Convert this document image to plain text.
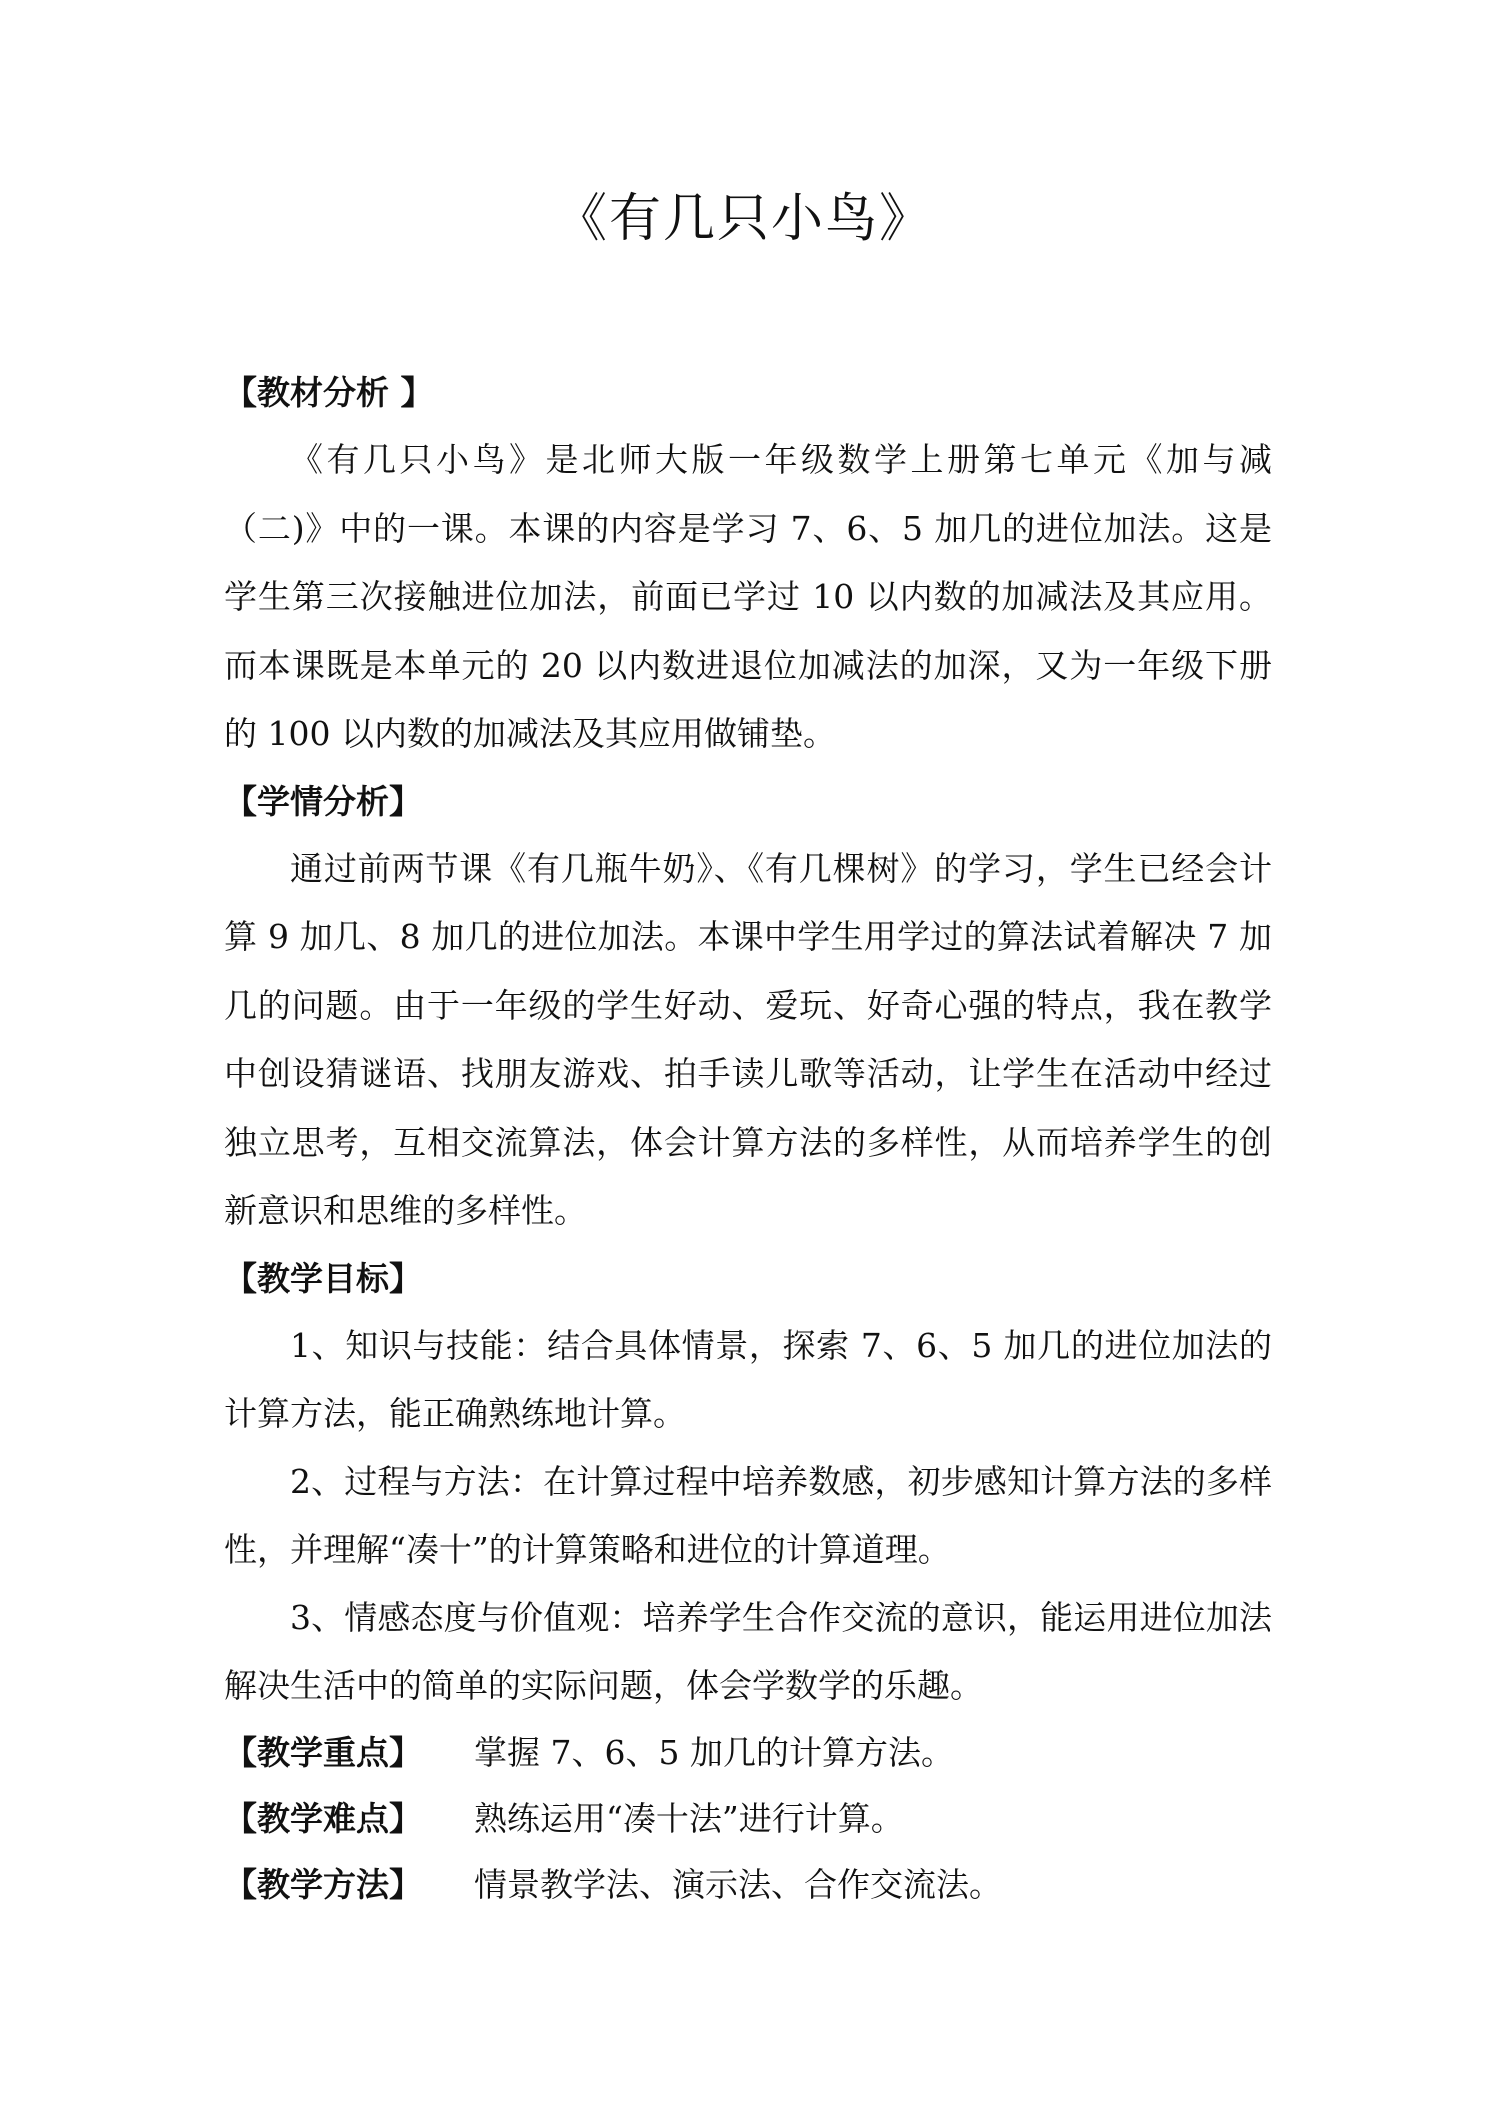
《有几只小鸟》
【教材分析 】

《有几只小鸟》是北师大版一年级数学上册第七单元《加与减（二)》中的一课。本课的内容是学习 7、6、5 加几的进位加法。这是学生第三次接触进位加法，前面已学过 10 以内数的加减法及其应用。而本课既是本单元的 20 以内数进退位加减法的加深，又为一年级下册的 100 以内数的加减法及其应用做铺垫。

【学情分析】

通过前两节课《有几瓶牛奶》、《有几棵树》的学习，学生已经会计算 9 加几、8 加几的进位加法。本课中学生用学过的算法试着解决 7 加几的问题。由于一年级的学生好动、爱玩、好奇心强的特点，我在教学中创设猜谜语、找朋友游戏、拍手读儿歌等活动，让学生在活动中经过独立思考，互相交流算法，体会计算方法的多样性，从而培养学生的创新意识和思维的多样性。

【教学目标】

1、知识与技能：结合具体情景，探索 7、6、5 加几的进位加法的计算方法，能正确熟练地计算。

2、过程与方法：在计算过程中培养数感，初步感知计算方法的多样性，并理解“凑十”的计算策略和进位的计算道理。

3、情感态度与价值观：培养学生合作交流的意识，能运用进位加法解决生活中的简单的实际问题，体会学数学的乐趣。

【教学重点】 掌握 7、6、5 加几的计算方法。
【教学难点】 熟练运用“凑十法”进行计算。
【教学方法】 情景教学法、演示法、合作交流法。
